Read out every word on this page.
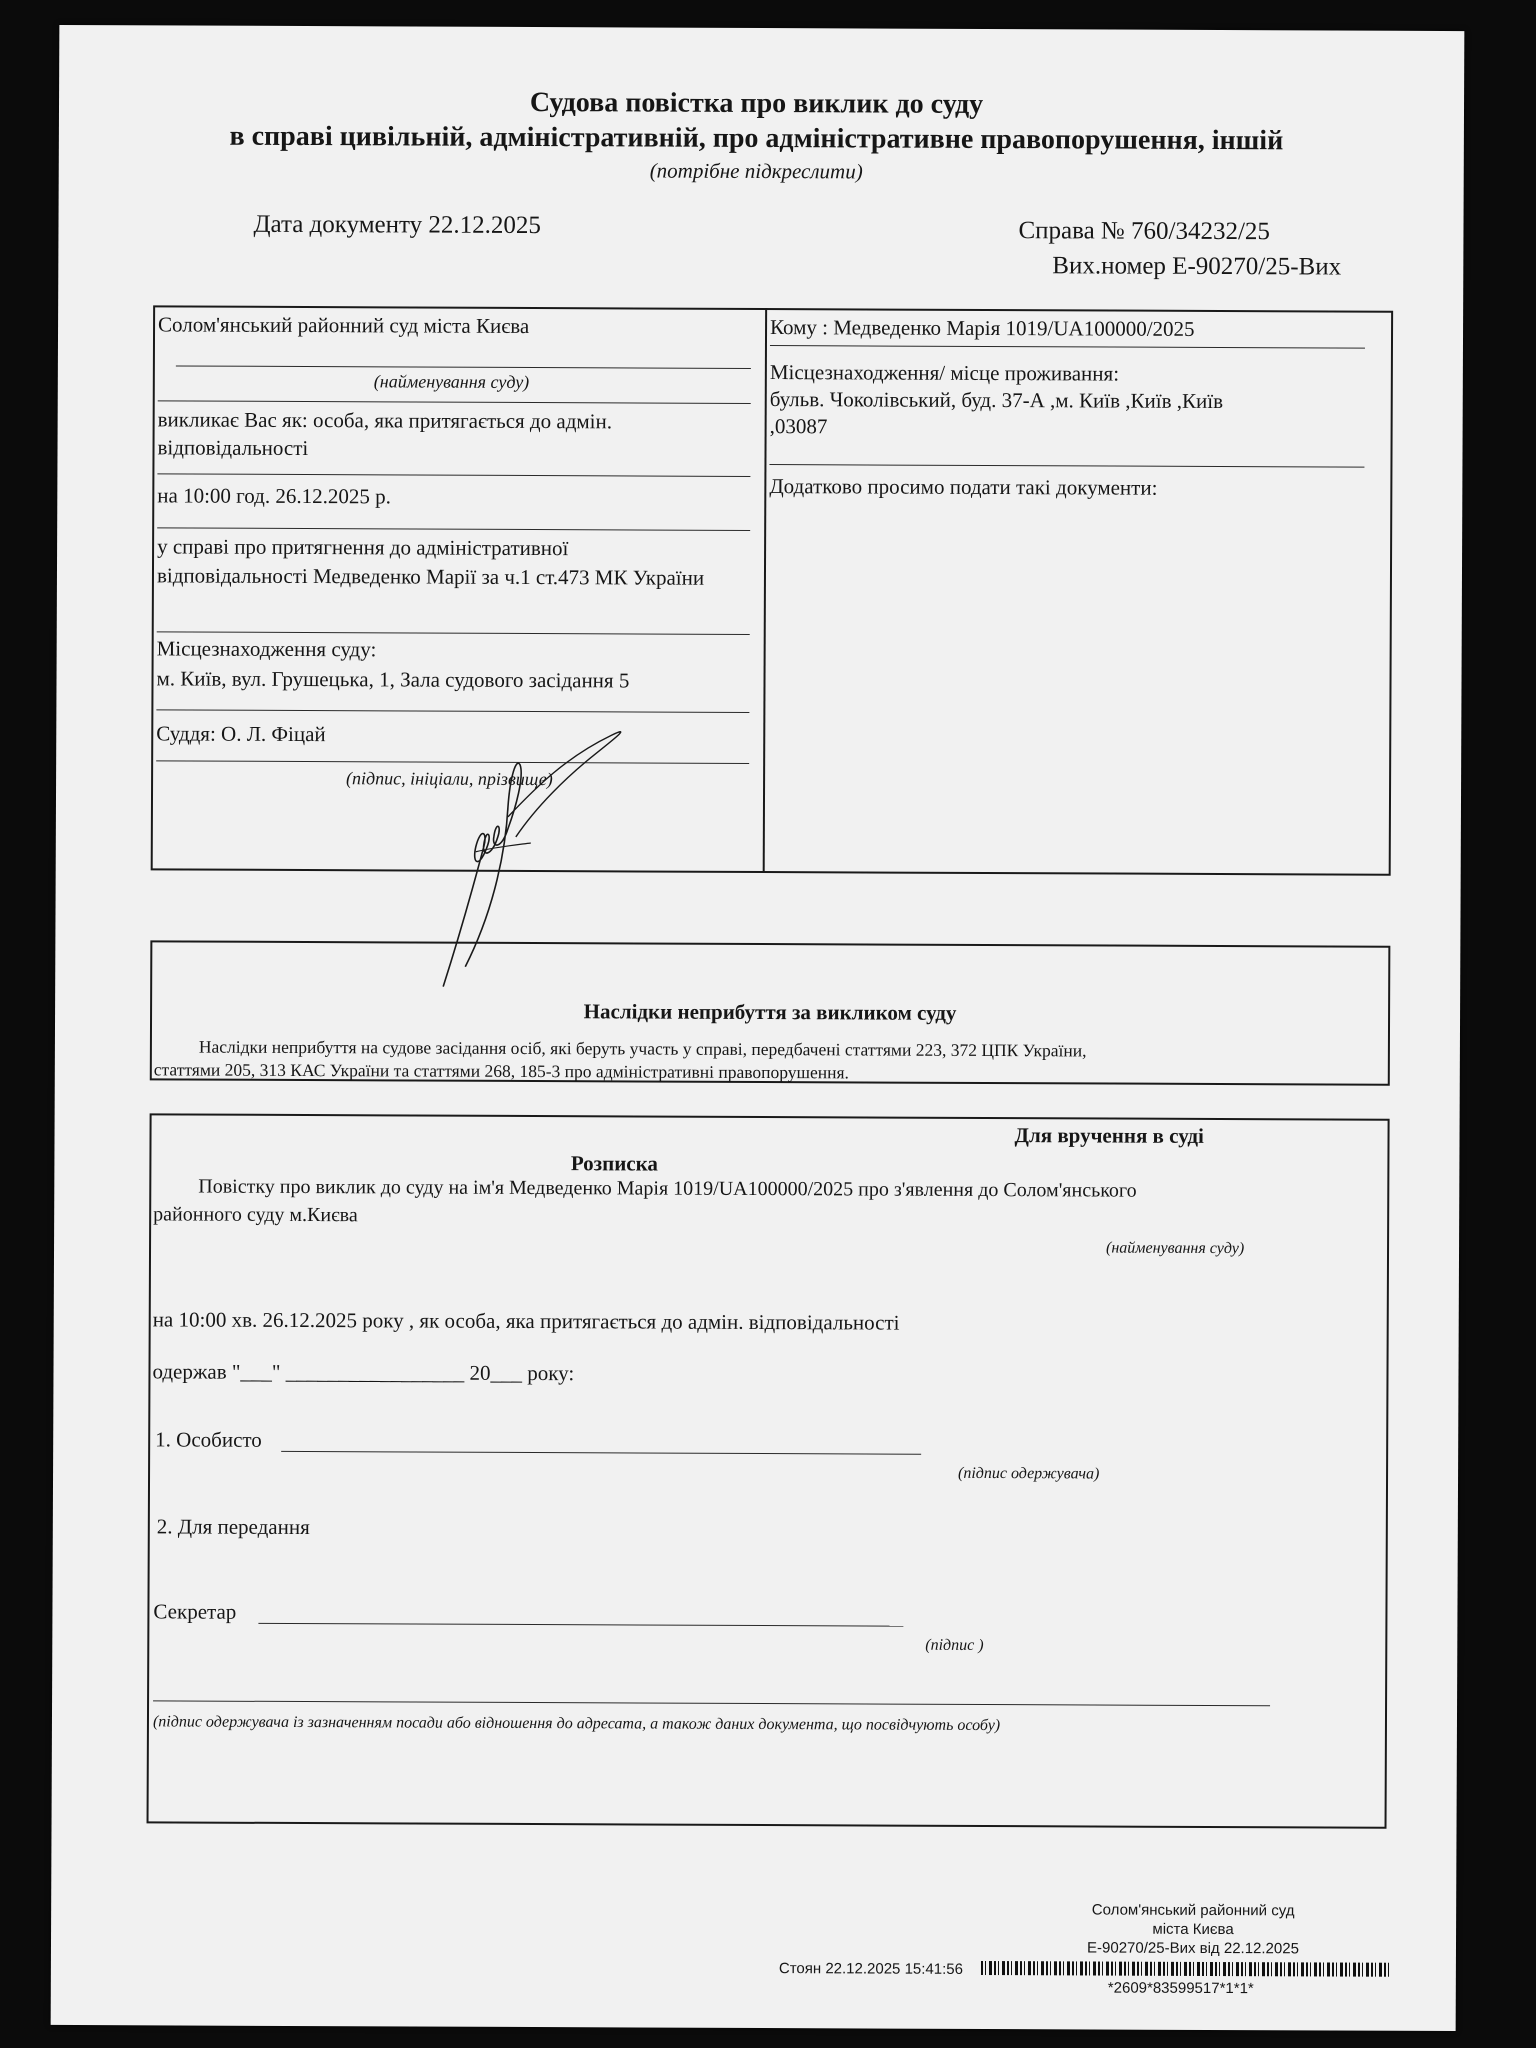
Судова повістка про виклик до суду
в справі цивільній, адміністративній, про адміністративне правопорушення, іншій
(потрібне підкреслити)
Дата документу 22.12.2025	Справа № 760/34232/25
Вих.номер Е-90270/25-Вих
Солом'янський районний суд міста Києва
(найменування суду)
викликає Вас як: особа, яка притягається до адмін. відповідальності
на 10:00 год. 26.12.2025 р.
у справі про притягнення до адміністративної відповідальності Медведенко Марії за ч.1 ст.473 МК України
Місцезнаходження суду:
м. Київ, вул. Грушецька, 1, Зала судового засідання 5
Суддя: О. Л. Фіцай
(підпис, ініціали, прізвище)
Кому : Медведенко Марія 1019/UA100000/2025
Місцезнаходження/ місце проживання:
бульв. Чоколівський, буд. 37-А ,м. Київ ,Київ ,Київ
,03087
Додатково просимо подати такі документи:
Наслідки неприбуття за викликом суду
Наслідки неприбуття на судове засідання осіб, які беруть участь у справі, передбачені статтями 223, 372 ЦПК України,
статтями 205, 313 КАС України та статтями 268, 185-3 про адміністративні правопорушення.
Для вручення в суді
Розписка
Повістку про виклик до суду на ім'я Медведенко Марія 1019/UA100000/2025 про з'явлення до Солом'янського
районного суду м.Києва
(найменування суду)
на 10:00 хв. 26.12.2025 року , як особа, яка притягається до адмін. відповідальності
одержав "___" _________________ 20___ року:
1. Особисто
(підпис одержувача)
2. Для передання
Секретар
(підпис )
(підпис одержувача із зазначенням посади або відношення до адресата, а також даних документа, що посвідчують особу)
Солом'янський районний суд
міста Києва
Е-90270/25-Вих від 22.12.2025
Стоян 22.12.2025 15:41:56
*2609*83599517*1*1*
